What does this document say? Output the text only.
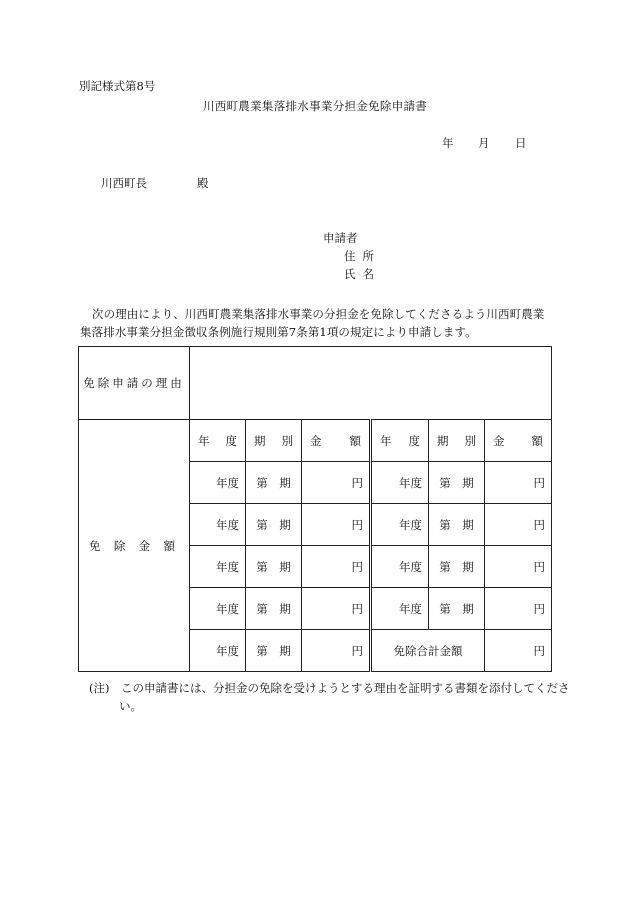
別記様式第8号
川西町農業集落排水事業分担金免除申請書
年 月 日
川西町長	殿
申請者
住所
氏名
次の理由により、川西町農業集落排水事業の分担金を免除してくださるよう川西町農業集落排水事業分担金徴収条例施行規則第7条第1項の規定により申請します。
免除申請の理由						

免 除 金 額	年 度	期 別	金 額	年 度	期 別	金 額

	年度	第　期	円	年度	第　期	円
	年度	第　期	円	年度	第　期	円
	年度	第　期	円	年度	第　期	円
	年度	第　期	円	年度	第　期	円
	年度	第　期	円	免除合計金額		円
(注)　この申請書には、分担金の免除を受けようとする理由を証明する書類を添付してください。
